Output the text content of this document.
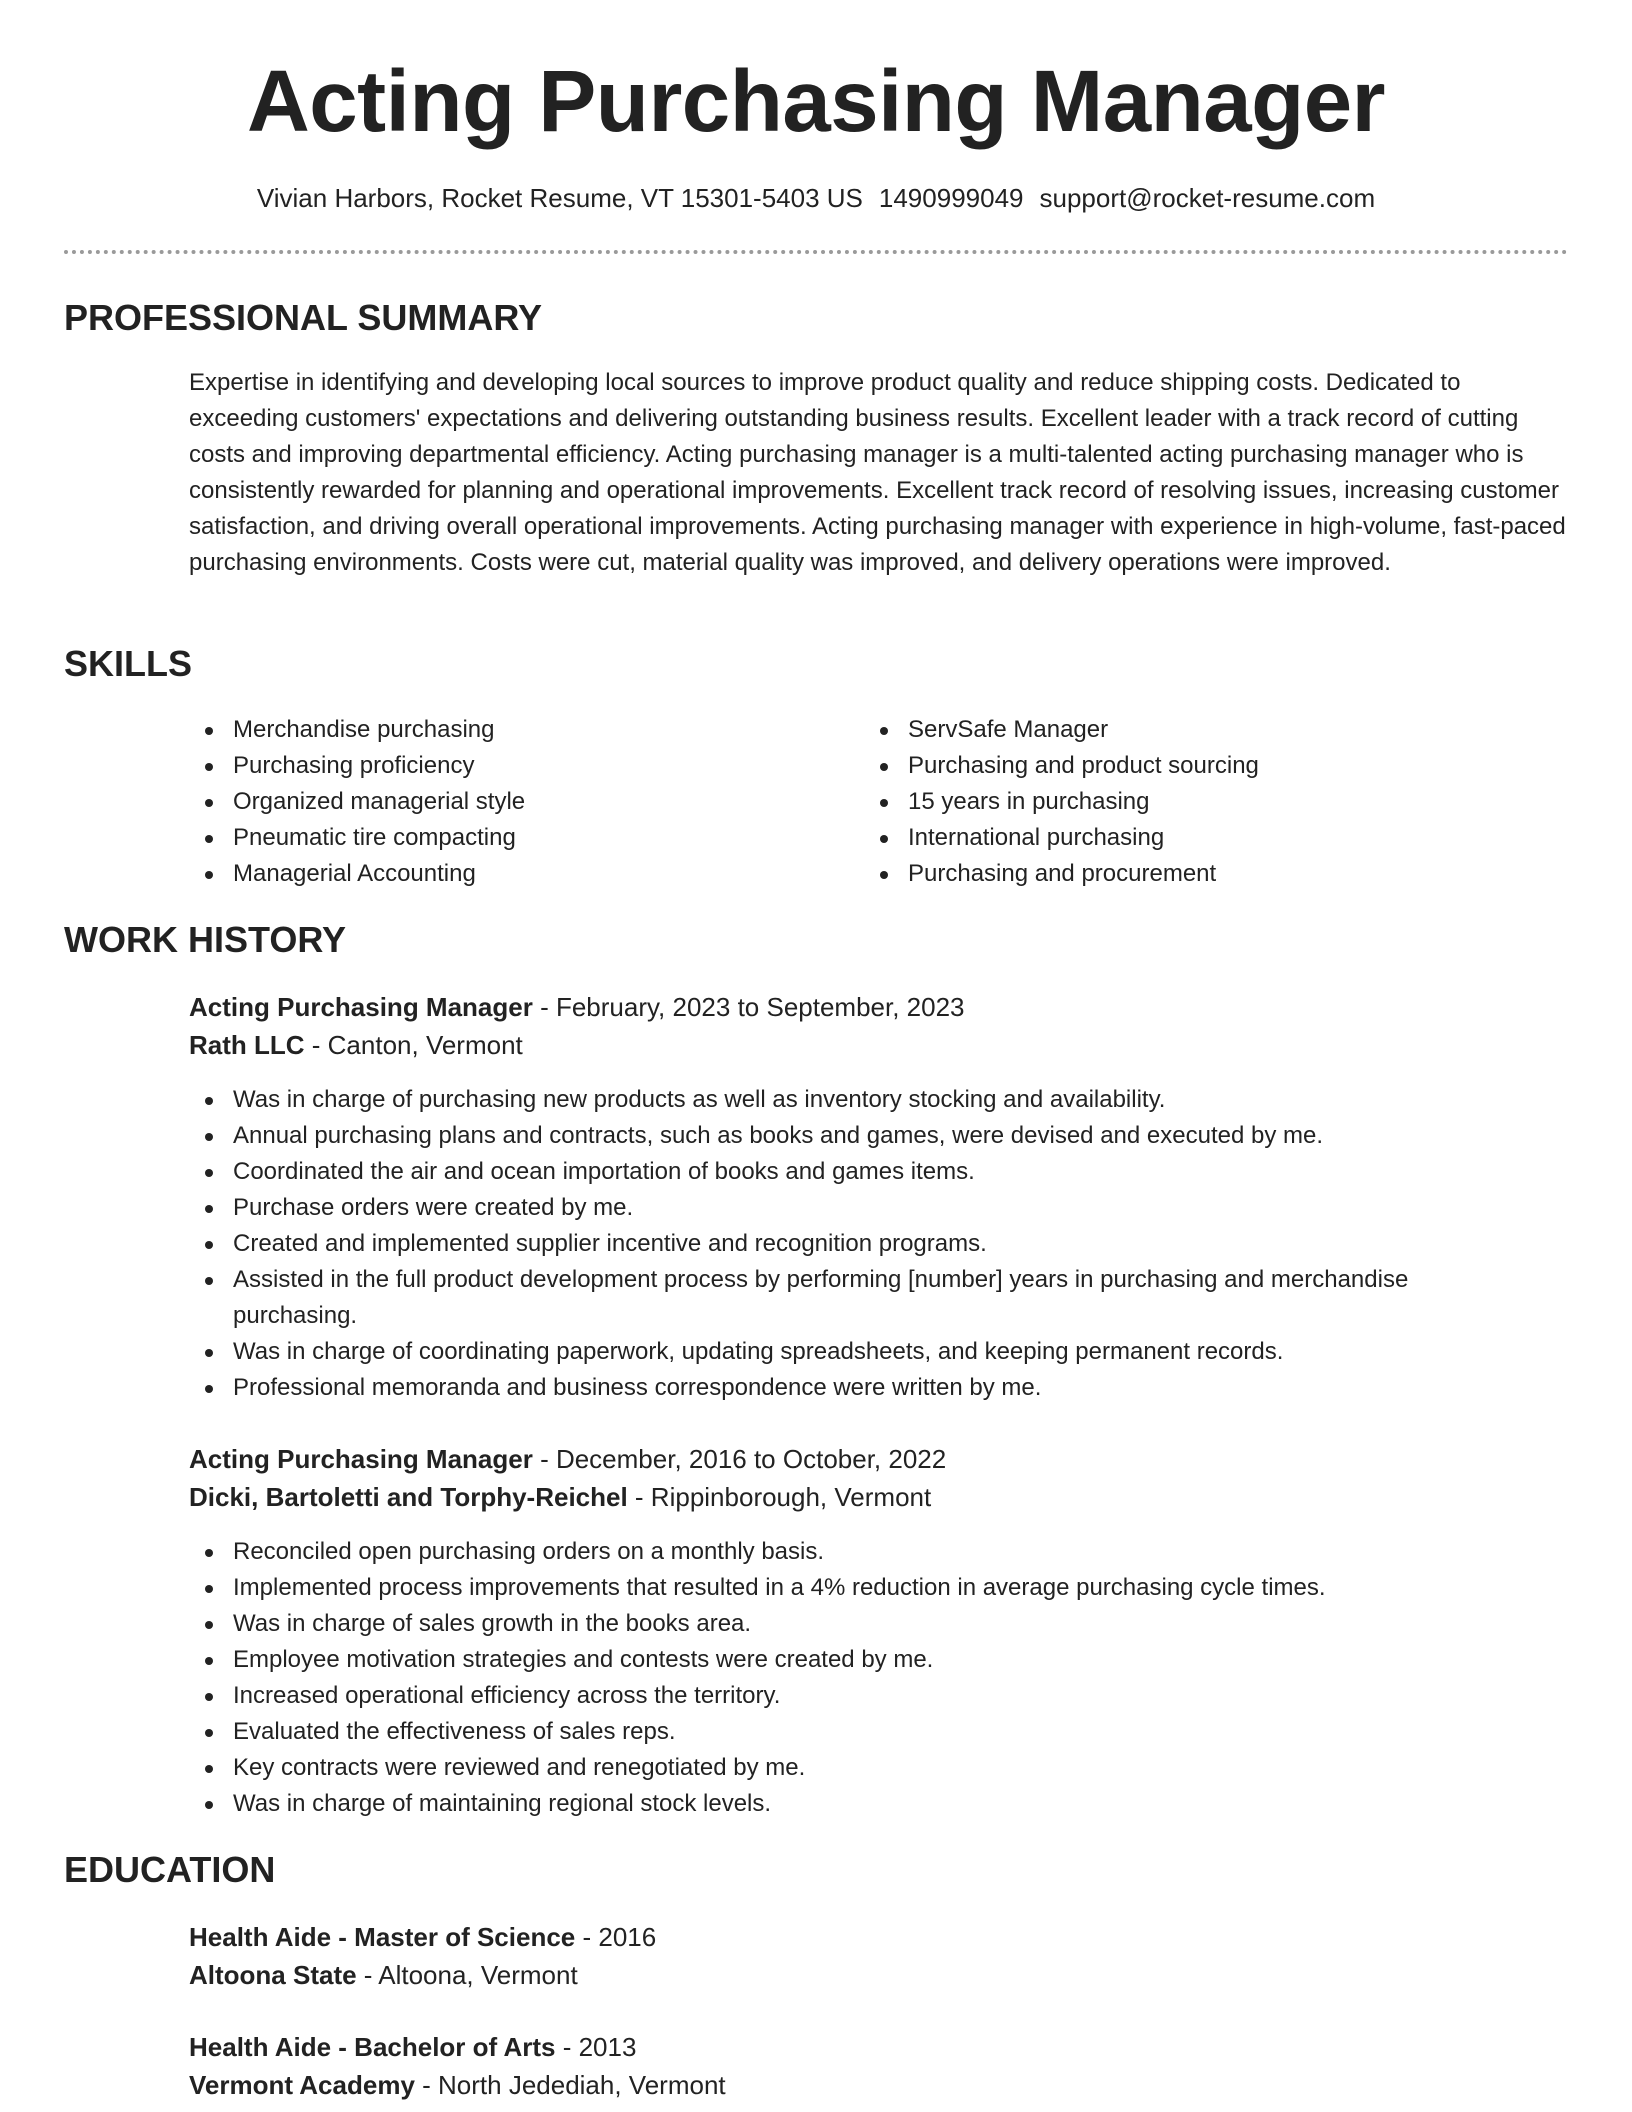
Acting Purchasing Manager
Vivian Harbors, Rocket Resume, VT 15301-5403 US 1490999049 support@rocket-resume.com
PROFESSIONAL SUMMARY

Expertise in identifying and developing local sources to improve product quality and reduce shipping costs. Dedicated to exceeding customers' expectations and delivering outstanding business results. Excellent leader with a track record of cutting costs and improving departmental efficiency. Acting purchasing manager is a multi-talented acting purchasing manager who is consistently rewarded for planning and operational improvements. Excellent track record of resolving issues, increasing customer satisfaction, and driving overall operational improvements. Acting purchasing manager with experience in high-volume, fast-paced purchasing environments. Costs were cut, material quality was improved, and delivery operations were improved.

SKILLS
Merchandise purchasing
Purchasing proficiency
Organized managerial style
Pneumatic tire compacting
Managerial Accounting
ServSafe Manager
Purchasing and product sourcing
15 years in purchasing
International purchasing
Purchasing and procurement
WORK HISTORY
Acting Purchasing Manager - February, 2023 to September, 2023
Rath LLC - Canton, Vermont
Was in charge of purchasing new products as well as inventory stocking and availability.
Annual purchasing plans and contracts, such as books and games, were devised and executed by me.
Coordinated the air and ocean importation of books and games items.
Purchase orders were created by me.
Created and implemented supplier incentive and recognition programs.
Assisted in the full product development process by performing [number] years in purchasing and merchandise purchasing.
Was in charge of coordinating paperwork, updating spreadsheets, and keeping permanent records.
Professional memoranda and business correspondence were written by me.
Acting Purchasing Manager - December, 2016 to October, 2022
Dicki, Bartoletti and Torphy-Reichel - Rippinborough, Vermont
Reconciled open purchasing orders on a monthly basis.
Implemented process improvements that resulted in a 4% reduction in average purchasing cycle times.
Was in charge of sales growth in the books area.
Employee motivation strategies and contests were created by me.
Increased operational efficiency across the territory.
Evaluated the effectiveness of sales reps.
Key contracts were reviewed and renegotiated by me.
Was in charge of maintaining regional stock levels.
EDUCATION
Health Aide - Master of Science - 2016
Altoona State - Altoona, Vermont
Health Aide - Bachelor of Arts - 2013
Vermont Academy - North Jedediah, Vermont
